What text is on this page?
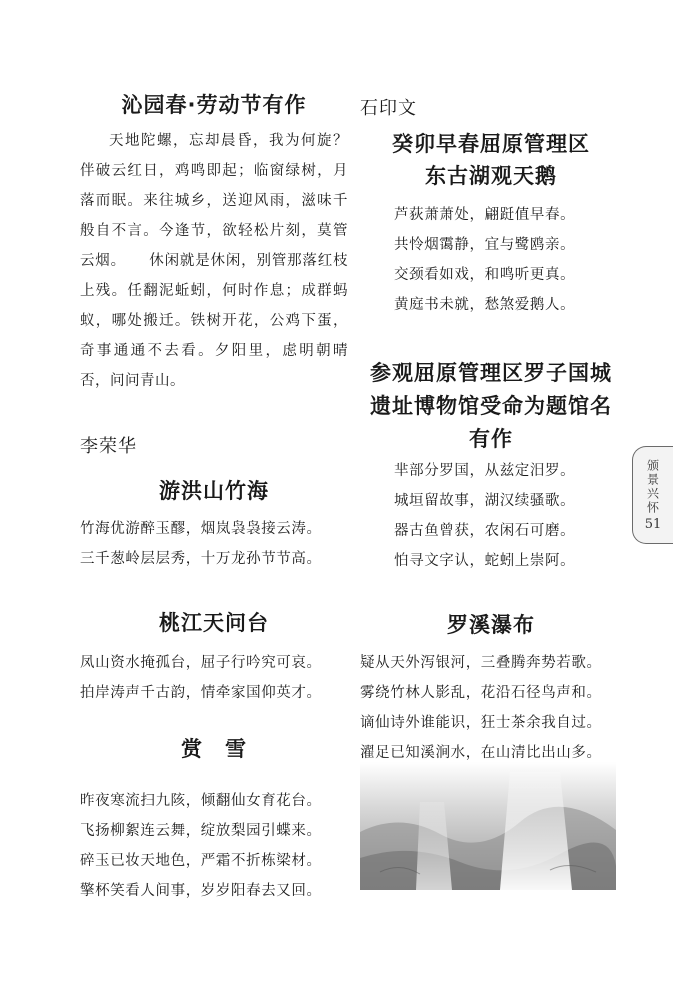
沁园春·劳动节有作

天地陀螺，忘却晨昏，我为何旋？伴破云红日，鸡鸣即起；临窗绿树，月落而眠。来往城乡，送迎风雨，滋味千般自不言。今逢节，欲轻松片刻，莫管云烟。　　休闲就是休闲，别管那落红枝上残。任翻泥蚯蚓，何时作息；成群蚂蚁，哪处搬迁。铁树开花，公鸡下蛋，奇事通通不去看。夕阳里，虑明朝晴否，问问青山。

李荣华
游洪山竹海

竹海优游醉玉醪，烟岚袅袅接云涛。

三千葱岭层层秀，十万龙孙节节高。

桃江天问台

凤山资水掩孤台，屈子行吟究可哀。

拍岸涛声千古韵，情牵家国仰英才。

赏　雪

昨夜寒流扫九陔，倾翻仙女育花台。

飞扬柳絮连云舞，绽放梨园引蝶来。

碎玉已妆天地色，严霜不折栋梁材。

擎杯笑看人间事，岁岁阳春去又回。

石印文
癸卯早春屈原管理区
东古湖观天鹅

芦荻萧萧处，翩跹值早春。

共怜烟霭静，宜与鹭鸥亲。

交颈看如戏，和鸣听更真。

黄庭书未就，愁煞爱鹅人。

参观屈原管理区罗子国城
遗址博物馆受命为题馆名
有作

芈部分罗国，从兹定汨罗。

城垣留故事，湖汉续骚歌。

器古鱼曾获，农闲石可磨。

怕寻文字认，蛇蚓上崇阿。

罗溪瀑布

疑从天外泻银河，三叠腾奔势若歌。

雾绕竹林人影乱，花沿石径鸟声和。

谪仙诗外谁能识，狂士茶余我自过。

濯足已知溪涧水，在山清比出山多。

颁景兴怀
51
